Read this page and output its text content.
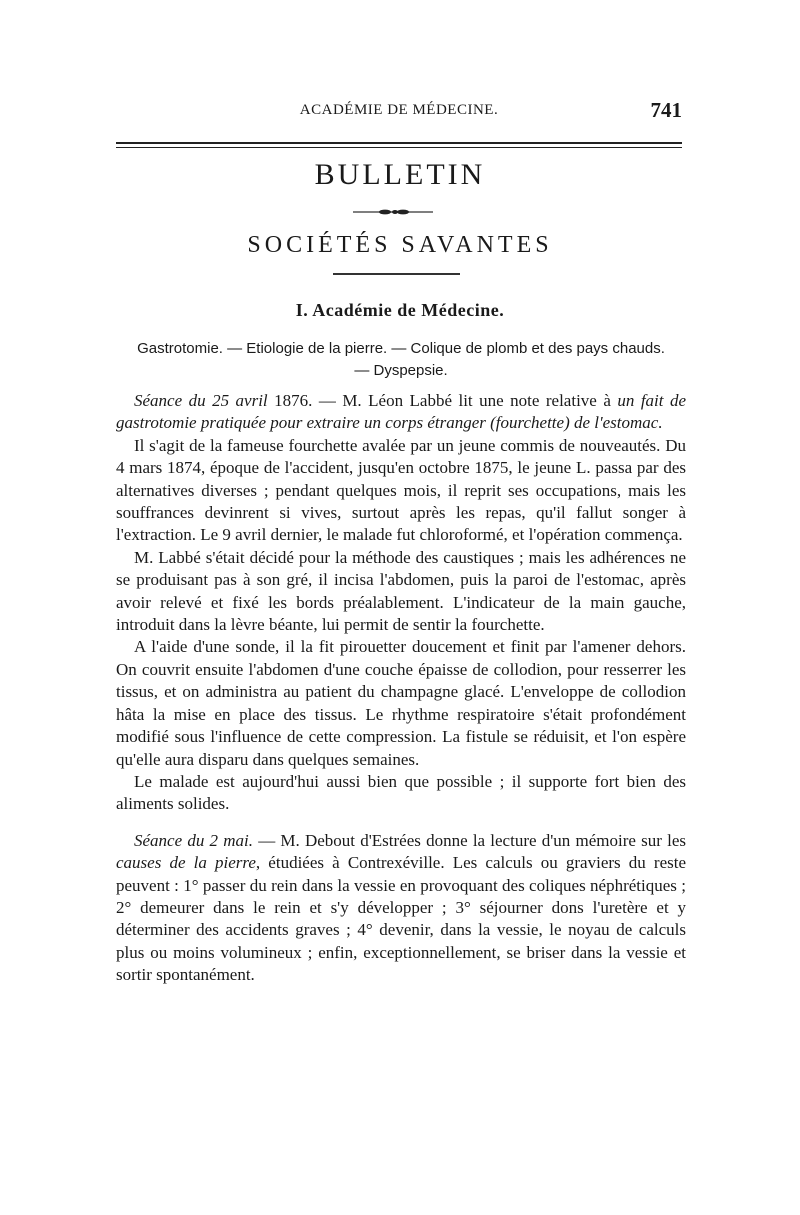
ACADÉMIE DE MÉDECINE.	741
BULLETIN
SOCIÉTÉS SAVANTES
I. Académie de Médecine.
Gastrotomie. — Etiologie de la pierre. — Colique de plomb et des pays chauds.
— Dyspepsie.

Séance du 25 avril 1876. — M. Léon Labbé lit une note relative à un fait de gastrotomie pratiquée pour extraire un corps étranger (fourchette) de l'estomac.

Il s'agit de la fameuse fourchette avalée par un jeune commis de nouveautés. Du 4 mars 1874, époque de l'accident, jusqu'en octobre 1875, le jeune L. passa par des alternatives diverses ; pendant quelques mois, il reprit ses occupations, mais les souffrances devinrent si vives, surtout après les repas, qu'il fallut songer à l'extraction. Le 9 avril dernier, le malade fut chloroformé, et l'opération commença.

M. Labbé s'était décidé pour la méthode des caustiques ; mais les adhérences ne se produisant pas à son gré, il incisa l'abdomen, puis la paroi de l'estomac, après avoir relevé et fixé les bords préalablement. L'indicateur de la main gauche, introduit dans la lèvre béante, lui permit de sentir la fourchette.

A l'aide d'une sonde, il la fit pirouetter doucement et finit par l'amener dehors. On couvrit ensuite l'abdomen d'une couche épaisse de collodion, pour resserrer les tissus, et on administra au patient du champagne glacé. L'enveloppe de collodion hâta la mise en place des tissus. Le rhythme respiratoire s'était profondément modifié sous l'influence de cette compression. La fistule se réduisit, et l'on espère qu'elle aura disparu dans quelques semaines.

Le malade est aujourd'hui aussi bien que possible ; il supporte fort bien des aliments solides.

Séance du 2 mai. — M. Debout d'Estrées donne la lecture d'un mémoire sur les causes de la pierre, étudiées à Contrexéville. Les calculs ou graviers du reste peuvent : 1° passer du rein dans la vessie en provoquant des coliques néphrétiques ; 2° demeurer dans le rein et s'y développer ; 3° séjourner dons l'uretère et y déterminer des accidents graves ; 4° devenir, dans la vessie, le noyau de calculs plus ou moins volumineux ; enfin, exceptionnellement, se briser dans la vessie et sortir spontanément.
